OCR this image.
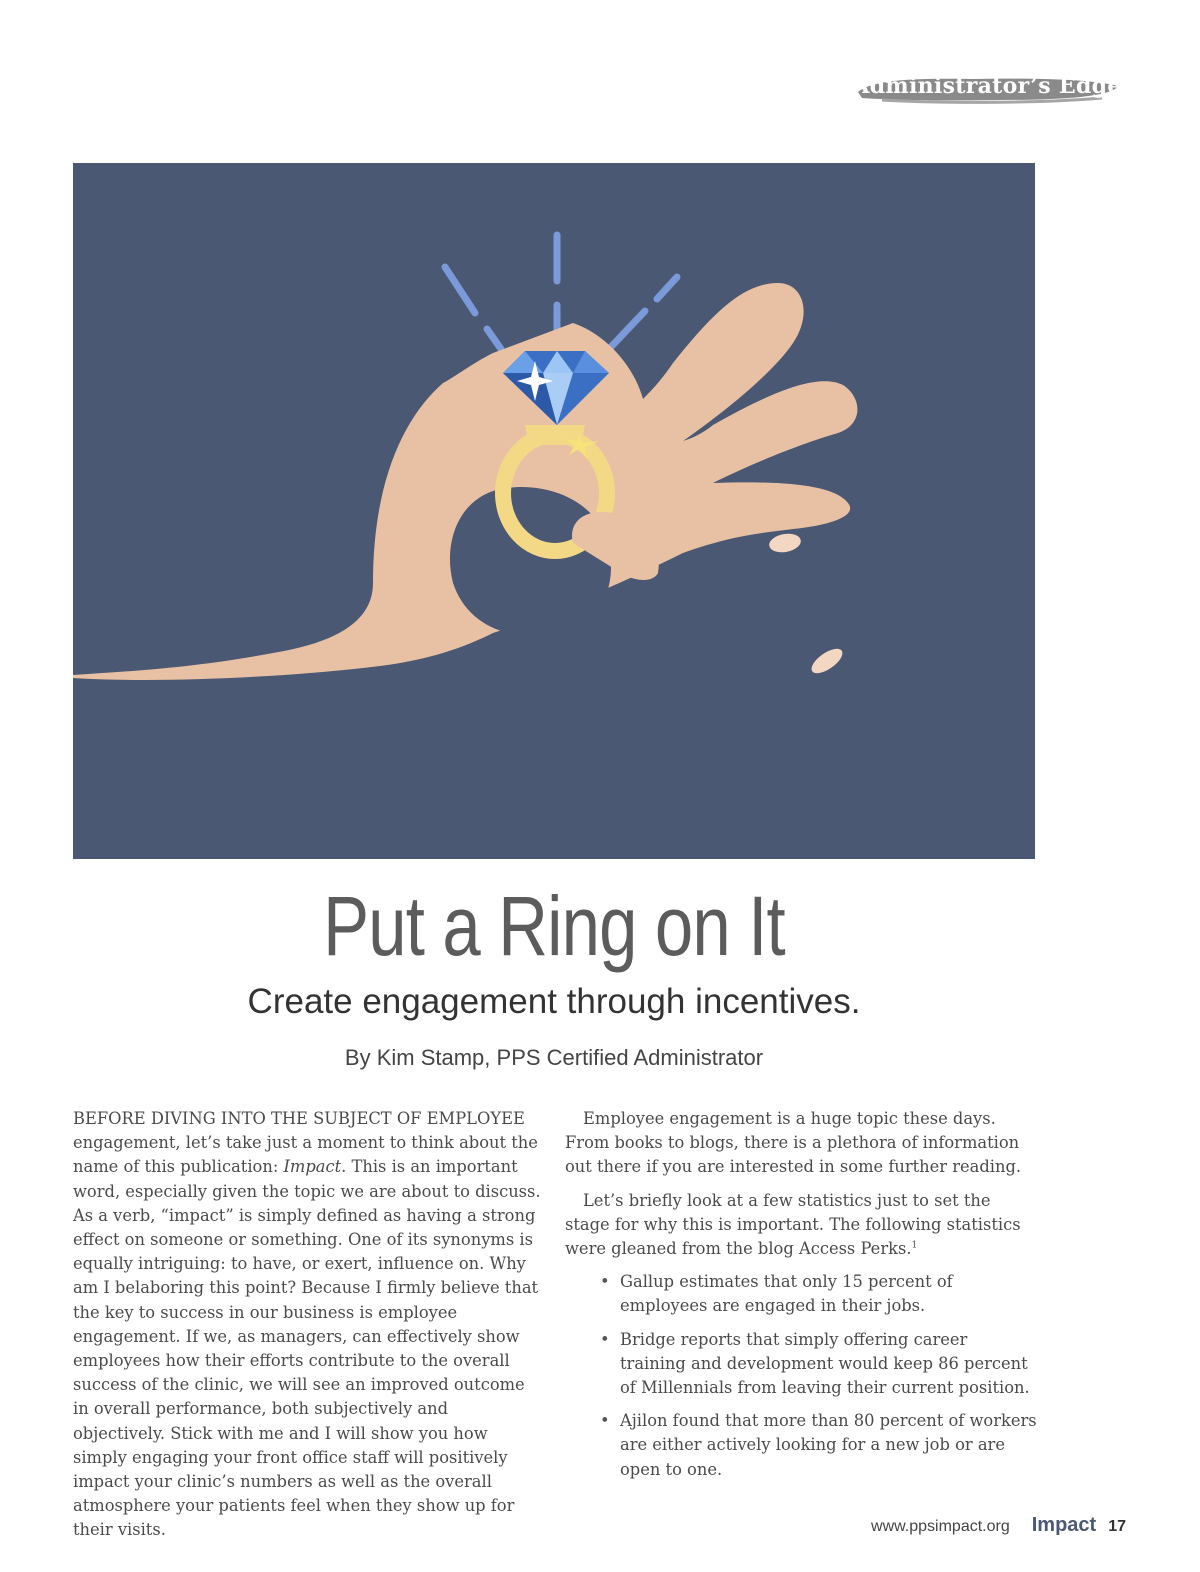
Administrator’s Edge
Put a Ring on It
Create engagement through incentives.
By Kim Stamp, PPS Certified Administrator

BEFORE DIVING INTO THE SUBJECT OF EMPLOYEE engagement, let’s take just a moment to think about the name of this publication: Impact. This is an important word, especially given the topic we are about to discuss. As a verb, “impact” is simply defined as having a strong effect on someone or something. One of its synonyms is equally intriguing: to have, or exert, influence on. Why am I belaboring this point? Because I firmly believe that the key to success in our business is employee engagement. If we, as managers, can effectively show employees how their efforts contribute to the overall success of the clinic, we will see an improved outcome in overall performance, both subjectively and objectively. Stick with me and I will show you how simply engaging your front office staff will positively impact your clinic’s numbers as well as the overall atmosphere your patients feel when they show up for their visits.

Employee engagement is a huge topic these days. From books to blogs, there is a plethora of information out there if you are interested in some further reading.

Let’s briefly look at a few statistics just to set the stage for why this is important. The following statistics were gleaned from the blog Access Perks.$^1$

• Gallup estimates that only 15 percent of employees are engaged in their jobs.
• Bridge reports that simply offering career training and development would keep 86 percent of Millennials from leaving their current position.
• Ajilon found that more than 80 percent of workers are either actively looking for a new job or are open to one.
www.ppsimpact.org Impact 17
